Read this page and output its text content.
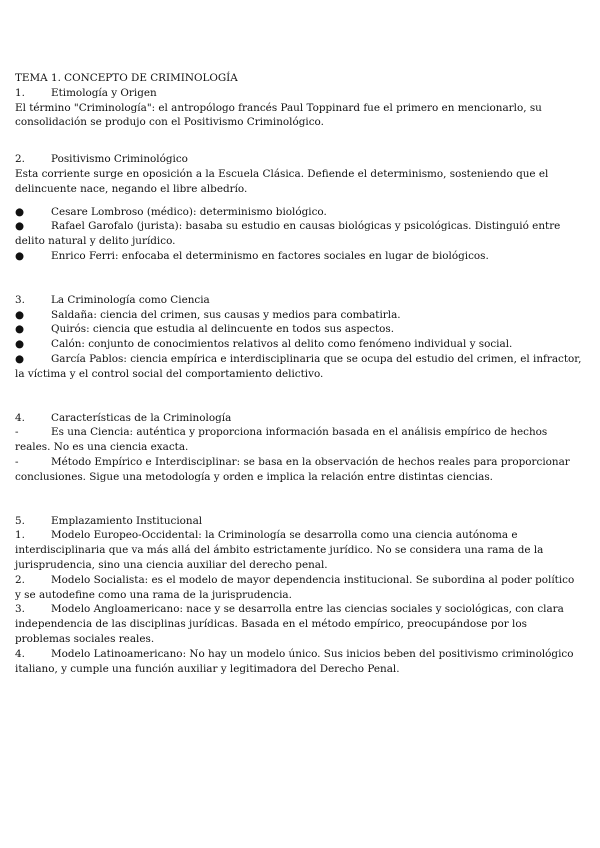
TEMA 1. CONCEPTO DE CRIMINOLOGÍA

1.	Etimología y Origen

El término "Criminología": el antropólogo francés Paul Toppinard fue el primero en mencionarlo, su consolidación se produjo con el Positivismo Criminológico.

2.	Positivismo Criminológico

Esta corriente surge en oposición a la Escuela Clásica. Defiende el determinismo, sosteniendo que el delincuente nace, negando el libre albedrío.

●	Cesare Lombroso (médico): determinismo biológico.

●	Rafael Garofalo (jurista): basaba su estudio en causas biológicas y psicológicas. Distinguió entre delito natural y delito jurídico.

●	Enrico Ferri: enfocaba el determinismo en factores sociales en lugar de biológicos.

3.	La Criminología como Ciencia

●	Saldaña: ciencia del crimen, sus causas y medios para combatirla.

●	Quirós: ciencia que estudia al delincuente en todos sus aspectos.

●	Calón: conjunto de conocimientos relativos al delito como fenómeno individual y social.

●	García Pablos: ciencia empírica e interdisciplinaria que se ocupa del estudio del crimen, el infractor, la víctima y el control social del comportamiento delictivo.

4.	Características de la Criminología

-	Es una Ciencia: auténtica y proporciona información basada en el análisis empírico de hechos reales. No es una ciencia exacta.

-	Método Empírico e Interdisciplinar: se basa en la observación de hechos reales para proporcionar conclusiones. Sigue una metodología y orden e implica la relación entre distintas ciencias.

5.	Emplazamiento Institucional

1.	Modelo Europeo-Occidental: la Criminología se desarrolla como una ciencia autónoma e interdisciplinaria que va más allá del ámbito estrictamente jurídico. No se considera una rama de la jurisprudencia, sino una ciencia auxiliar del derecho penal.

2.	Modelo Socialista: es el modelo de mayor dependencia institucional. Se subordina al poder político y se autodefine como una rama de la jurisprudencia.

3.	Modelo Angloamericano: nace y se desarrolla entre las ciencias sociales y sociológicas, con clara independencia de las disciplinas jurídicas. Basada en el método empírico, preocupándose por los problemas sociales reales.

4.	Modelo Latinoamericano: No hay un modelo único. Sus inicios beben del positivismo criminológico italiano, y cumple una función auxiliar y legitimadora del Derecho Penal.
